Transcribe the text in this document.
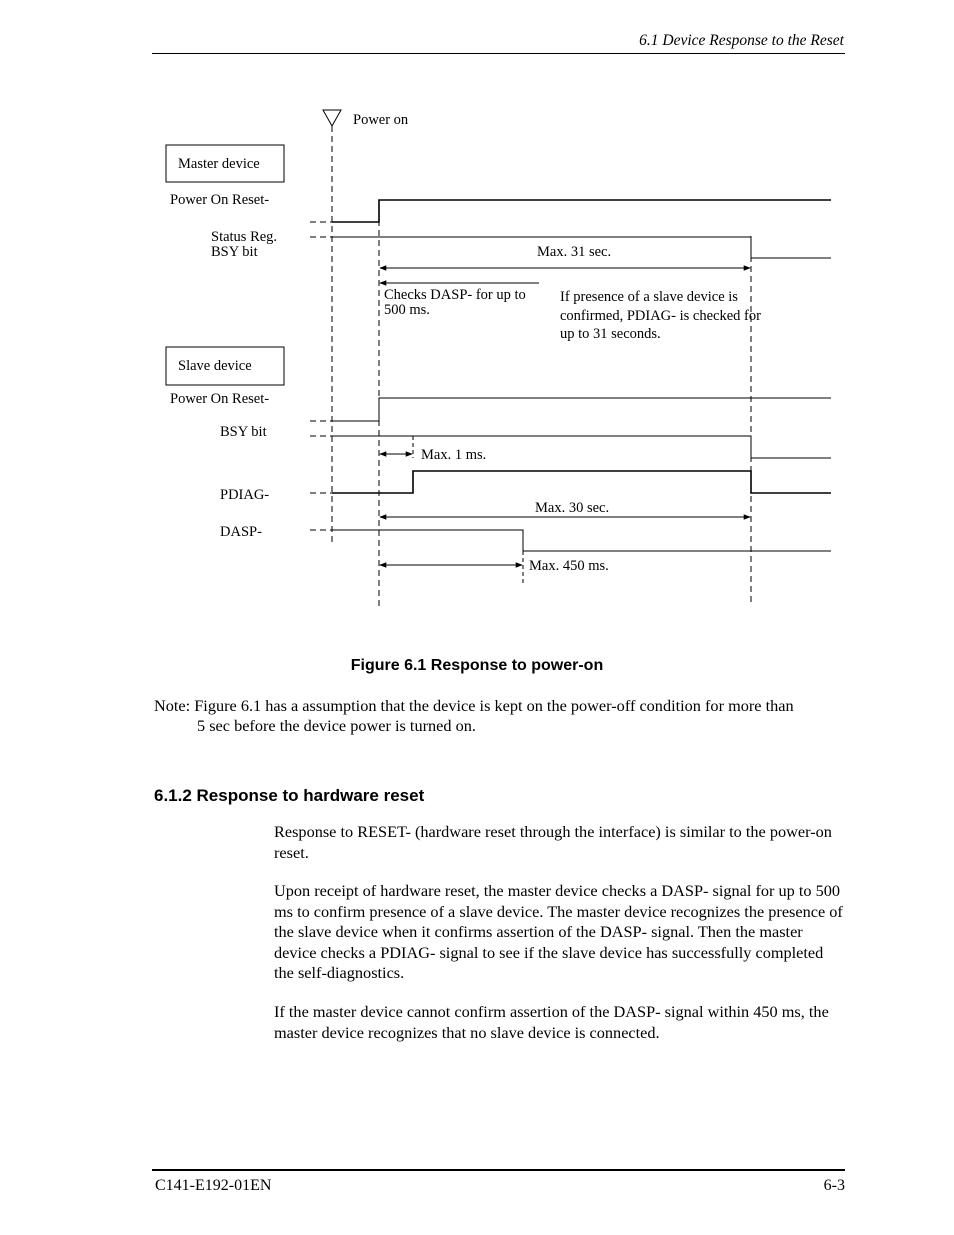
6.1 Device Response to the Reset
Power on
Master device
Power On Reset-
Status Reg.
BSY bit	Max. 31 sec.
Checks DASP- for up to
500 ms.
If presence of a slave device is
confirmed, PDIAG- is checked for
up to 31 seconds.
Slave device
Power On Reset-
BSY bit
Max. 1 ms.
PDIAG-
Max. 30 sec.
DASP-
Max. 450 ms.
Figure 6.1 Response to power-on
Note: Figure 6.1 has a assumption that the device is kept on the power-off condition for more than
5 sec before the device power is turned on.
6.1.2 Response to hardware reset

Response to RESET- (hardware reset through the interface) is similar to the power-on reset.

Upon receipt of hardware reset, the master device checks a DASP- signal for up to 500 ms to confirm presence of a slave device. The master device recognizes the presence of the slave device when it confirms assertion of the DASP- signal. Then the master device checks a PDIAG- signal to see if the slave device has successfully completed the self-diagnostics.

If the master device cannot confirm assertion of the DASP- signal within 450 ms, the master device recognizes that no slave device is connected.

C141-E192-01EN	6-3
